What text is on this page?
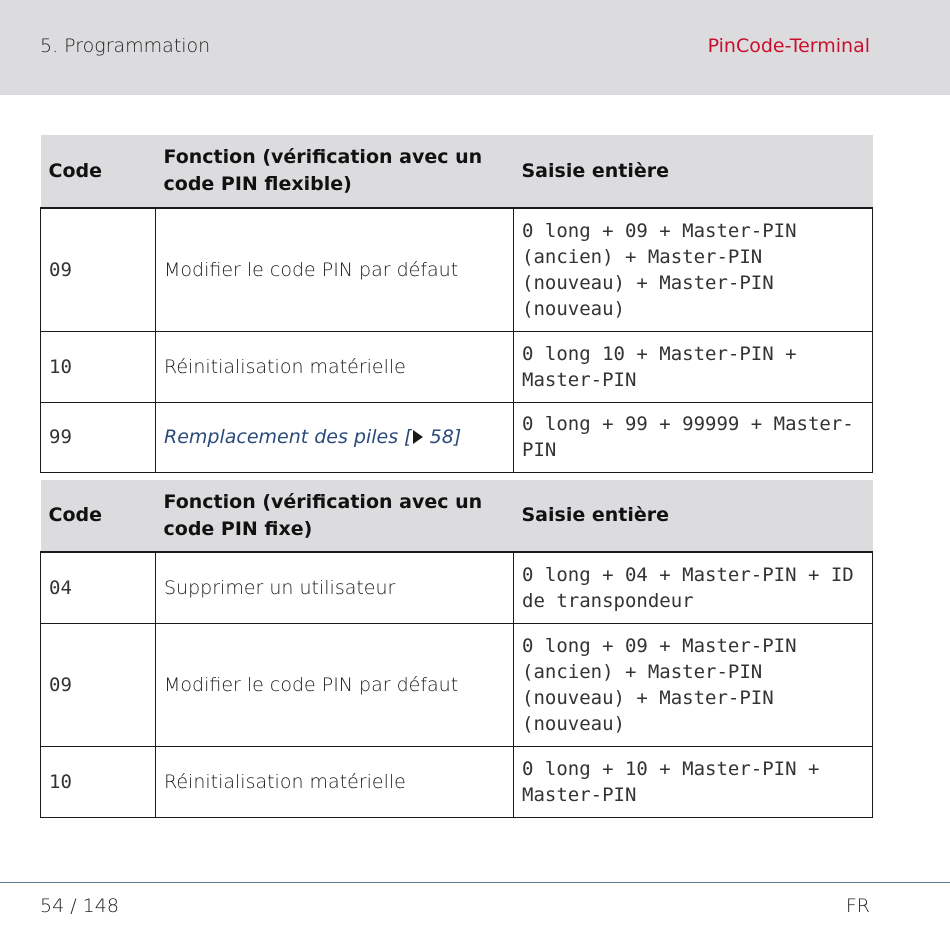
5. Programmation	PinCode-Terminal
Code	Fonction (vérification avec un code PIN flexible)	Saisie entière
09	Modifier le code PIN par défaut	0 long + 09 + Master-PIN (ancien) + Master-PIN (nouveau) + Master-PIN (nouveau)
10	Réinitialisation matérielle	0 long 10 + Master-PIN + Master-PIN
99	Remplacement des piles [ 58]	0 long + 99 + 99999 + Master-PIN
Code	Fonction (vérification avec un code PIN fixe)	Saisie entière
04	Supprimer un utilisateur	0 long + 04 + Master-PIN + ID de transpondeur
09	Modifier le code PIN par défaut	0 long + 09 + Master-PIN (ancien) + Master-PIN (nouveau) + Master-PIN (nouveau)
10	Réinitialisation matérielle	0 long + 10 + Master-PIN + Master-PIN
54 / 148	FR
